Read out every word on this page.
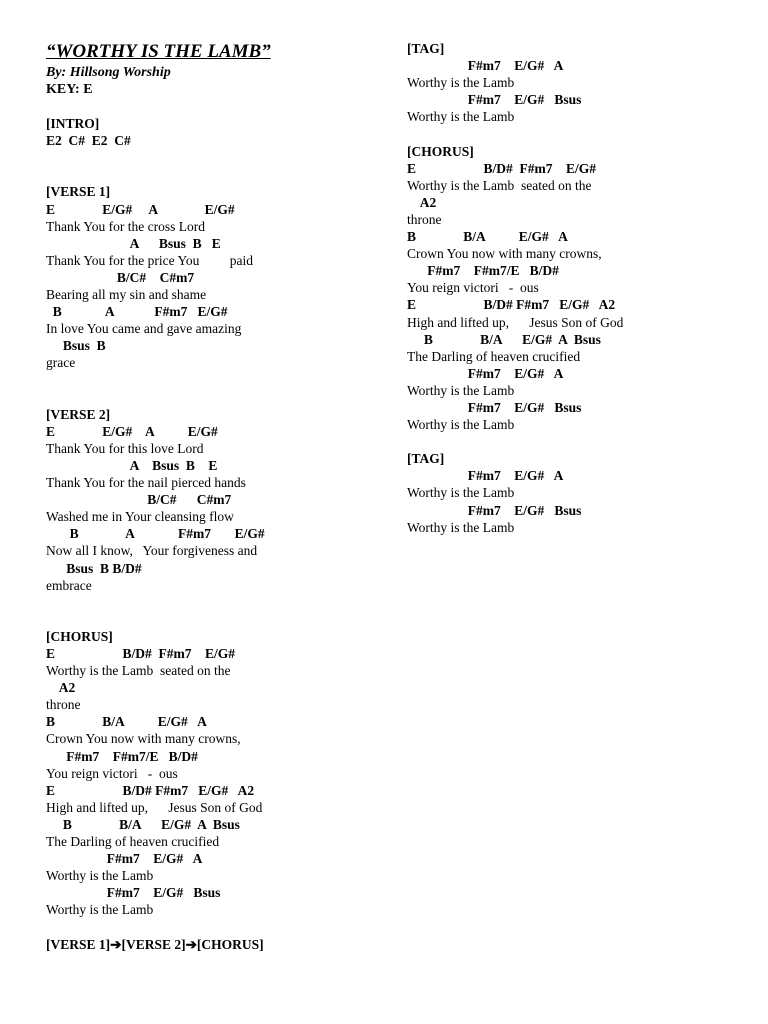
“WORTHY IS THE LAMB”
By: Hillsong Worship
KEY: E
[INTRO]
E2  C#  E2  C#
[VERSE 1]
E              E/G#     A              E/G#
Thank You for the cross Lord
A      Bsus  B   E
Thank You for the price You         paid
B/C#    C#m7
Bearing all my sin and shame
B             A            F#m7   E/G#
In love You came and gave amazing
Bsus  B
grace
[VERSE 2]
E              E/G#    A          E/G#
Thank You for this love Lord
A    Bsus  B    E
Thank You for the nail pierced hands
B/C#      C#m7
Washed me in Your cleansing flow
B              A             F#m7       E/G#
Now all I know,   Your forgiveness and
Bsus  B B/D#
embrace
[CHORUS]
E                    B/D#  F#m7    E/G#
Worthy is the Lamb  seated on the
A2
throne
B              B/A          E/G#   A
Crown You now with many crowns,
F#m7    F#m7/E   B/D#
You reign victori   -  ous
E                    B/D# F#m7   E/G#   A2
High and lifted up,      Jesus Son of God
B              B/A      E/G#  A  Bsus
The Darling of heaven crucified
F#m7    E/G#   A
Worthy is the Lamb
F#m7    E/G#   Bsus
Worthy is the Lamb
[VERSE 1]➔[VERSE 2]➔[CHORUS]
[TAG]
F#m7    E/G#   A
Worthy is the Lamb
F#m7    E/G#   Bsus
Worthy is the Lamb
[CHORUS]
E                    B/D#  F#m7    E/G#
Worthy is the Lamb  seated on the
A2
throne
B              B/A          E/G#   A
Crown You now with many crowns,
F#m7    F#m7/E   B/D#
You reign victori   -  ous
E                    B/D# F#m7   E/G#   A2
High and lifted up,      Jesus Son of God
B              B/A      E/G#  A  Bsus
The Darling of heaven crucified
F#m7    E/G#   A
Worthy is the Lamb
F#m7    E/G#   Bsus
Worthy is the Lamb
[TAG]
F#m7    E/G#   A
Worthy is the Lamb
F#m7    E/G#   Bsus
Worthy is the Lamb
